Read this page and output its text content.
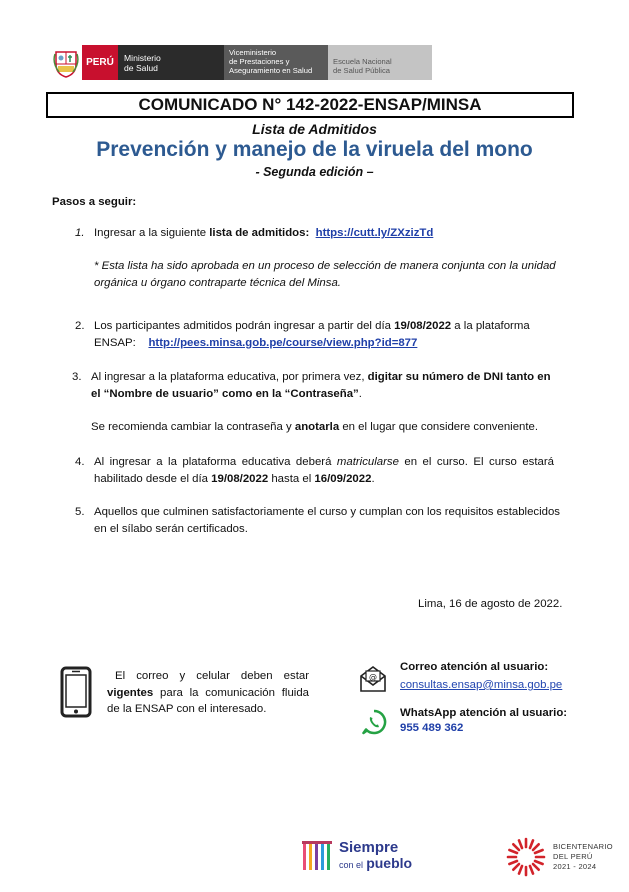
PERÚ	Ministerio
de Salud
Viceministerio
de Prestaciones y
Aseguramiento en Salud
Escuela Nacional
de Salud Pública
COMUNICADO N° 142-2022-ENSAP/MINSA
Lista de Admitidos
Prevención y manejo de la viruela del mono
- Segunda edición –
Pasos a seguir:
1. Ingresar a la siguiente lista de admitidos: https://cutt.ly/ZXzizTd
* Esta lista ha sido aprobada en un proceso de selección de manera conjunta con la unidad
orgánica u órgano contraparte técnica del Minsa.
2. Los participantes admitidos podrán ingresar a partir del día 19/08/2022 a la plataforma
ENSAP: http://pees.minsa.gob.pe/course/view.php?id=877
3. Al ingresar a la plataforma educativa, por primera vez, digitar su número de DNI tanto en
el “Nombre de usuario” como en la “Contraseña”.
Se recomienda cambiar la contraseña y anotarla en el lugar que considere conveniente.
4. Al ingresar a la plataforma educativa deberá matricularse en el curso. El curso estará
habilitado desde el día 19/08/2022 hasta el 16/09/2022.
5. Aquellos que culminen satisfactoriamente el curso y cumplan con los requisitos establecidos
en el sílabo serán certificados.
Lima, 16 de agosto de 2022.
El correo y celular deben estar
vigentes para la comunicación fluida
de la ENSAP con el interesado.
@
Correo atención al usuario:
consultas.ensap@minsa.gob.pe
WhatsApp atención al usuario:
955 489 362
Siempre
con el pueblo
BICENTENARIO
DEL PERÚ
2021 - 2024
